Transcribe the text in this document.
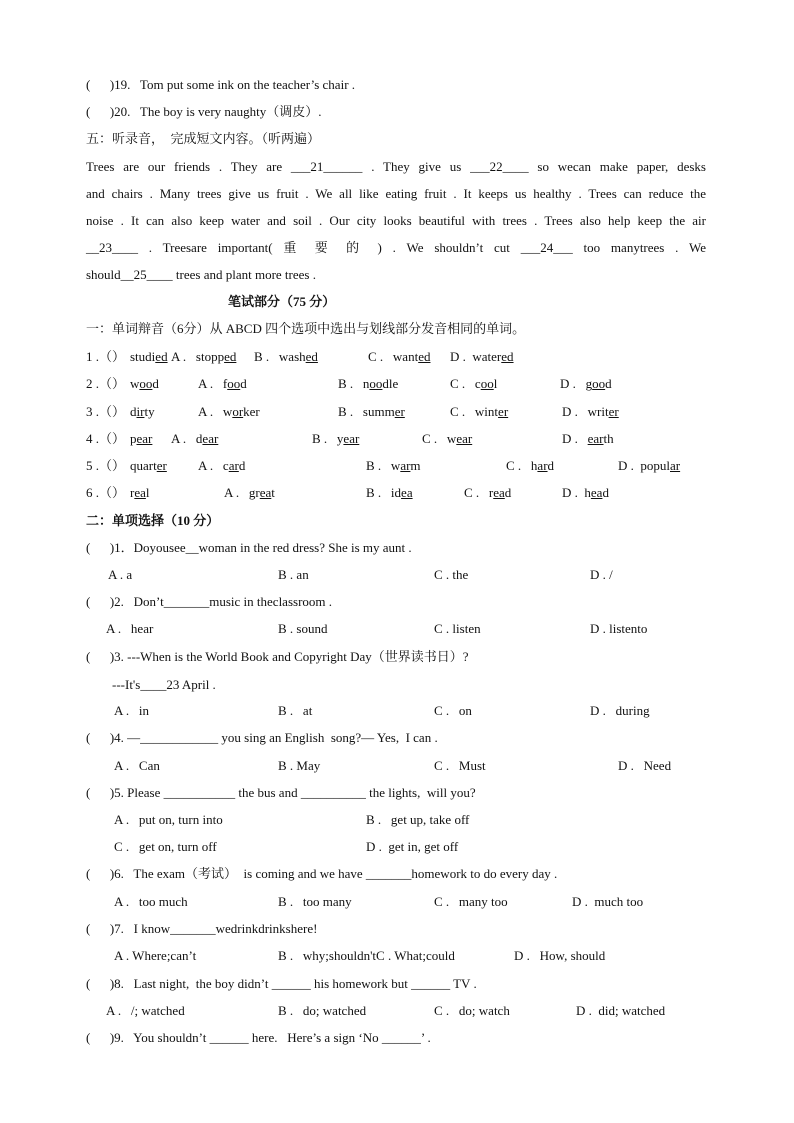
(      )19.   Tom put some ink on the teacher’s chair .
(      )20.   The boy is very naughty（调皮）.
五：听录音，  完成短文内容。（听两遍）
Trees are our friends . They are ___21______ . They give us ___22____ so wecan make paper, desks
and chairs . Many trees give us fruit . We all like eating fruit . It keeps us healthy . Trees can reduce the
noise . It can also keep water and soil . Our city looks beautiful with trees . Trees also help keep the air
__23____ . Treesare important( 重 要 的 ) . We shouldn’t cut ___24___ too manytrees . We
should__25____ trees and plant more trees .
笔试部分（75 分）
一：单词辩音（6分）从 ABCD 四个选项中选出与划线部分发音相同的单词。
1 .（） studied A .   stopped B .   washed	C .   wanted D .  watered
2 .（） wood	A .   food	B .   noodle	C .   cool	D .   good
3 .（） dirty	A .   worker	B .   summer	C .   winter	D .   writer
4 .（） pear A .   dear	B .   year	C .   wear	D .   earth
5 .（） quarter A .   card	B .   warm	C .   hard	D .  popular
6 .（） real	A .   great	B .   idea	C .   read	D .  head
二：单项选择（10 分）
(      )1．Doyousee__woman in the red dress? She is my aunt .
A . a	B . an	C . the	D . /
(      )2.   Don’t_______music in theclassroom .
A .   hear	B . sound	C . listen	D . listento
(      )3. ---When is the World Book and Copyright Day（世界读书日）?
---It's____23 April .
A .   in	B .   at	C .   on	D .   during
(      )4. —____________ you sing an English  song?— Yes,  I can .
A .   Can	B . May	C .   Must	D .   Need
(      )5. Please ___________ the bus and __________ the lights,  will you?
A .   put on, turn into	B .   get up, take off
C .   get on, turn off	D .  get in, get off
(      )6.   The exam（考试）  is coming and we have _______homework to do every day .
A .   too much	B .   too many	C .   many too	D .  much too
(      )7.   I know_______wedrinkdrinkshere!
A . Where;can’t	B .   why;shouldn'tC . What;could	D .   How, should
(      )8.   Last night,  the boy didn’t ______ his homework but ______ TV .
A .   /; watched	B .   do; watched	C .   do; watch	D .  did; watched
(      )9.   You shouldn’t ______ here.   Here’s a sign ‘No ______’ .
